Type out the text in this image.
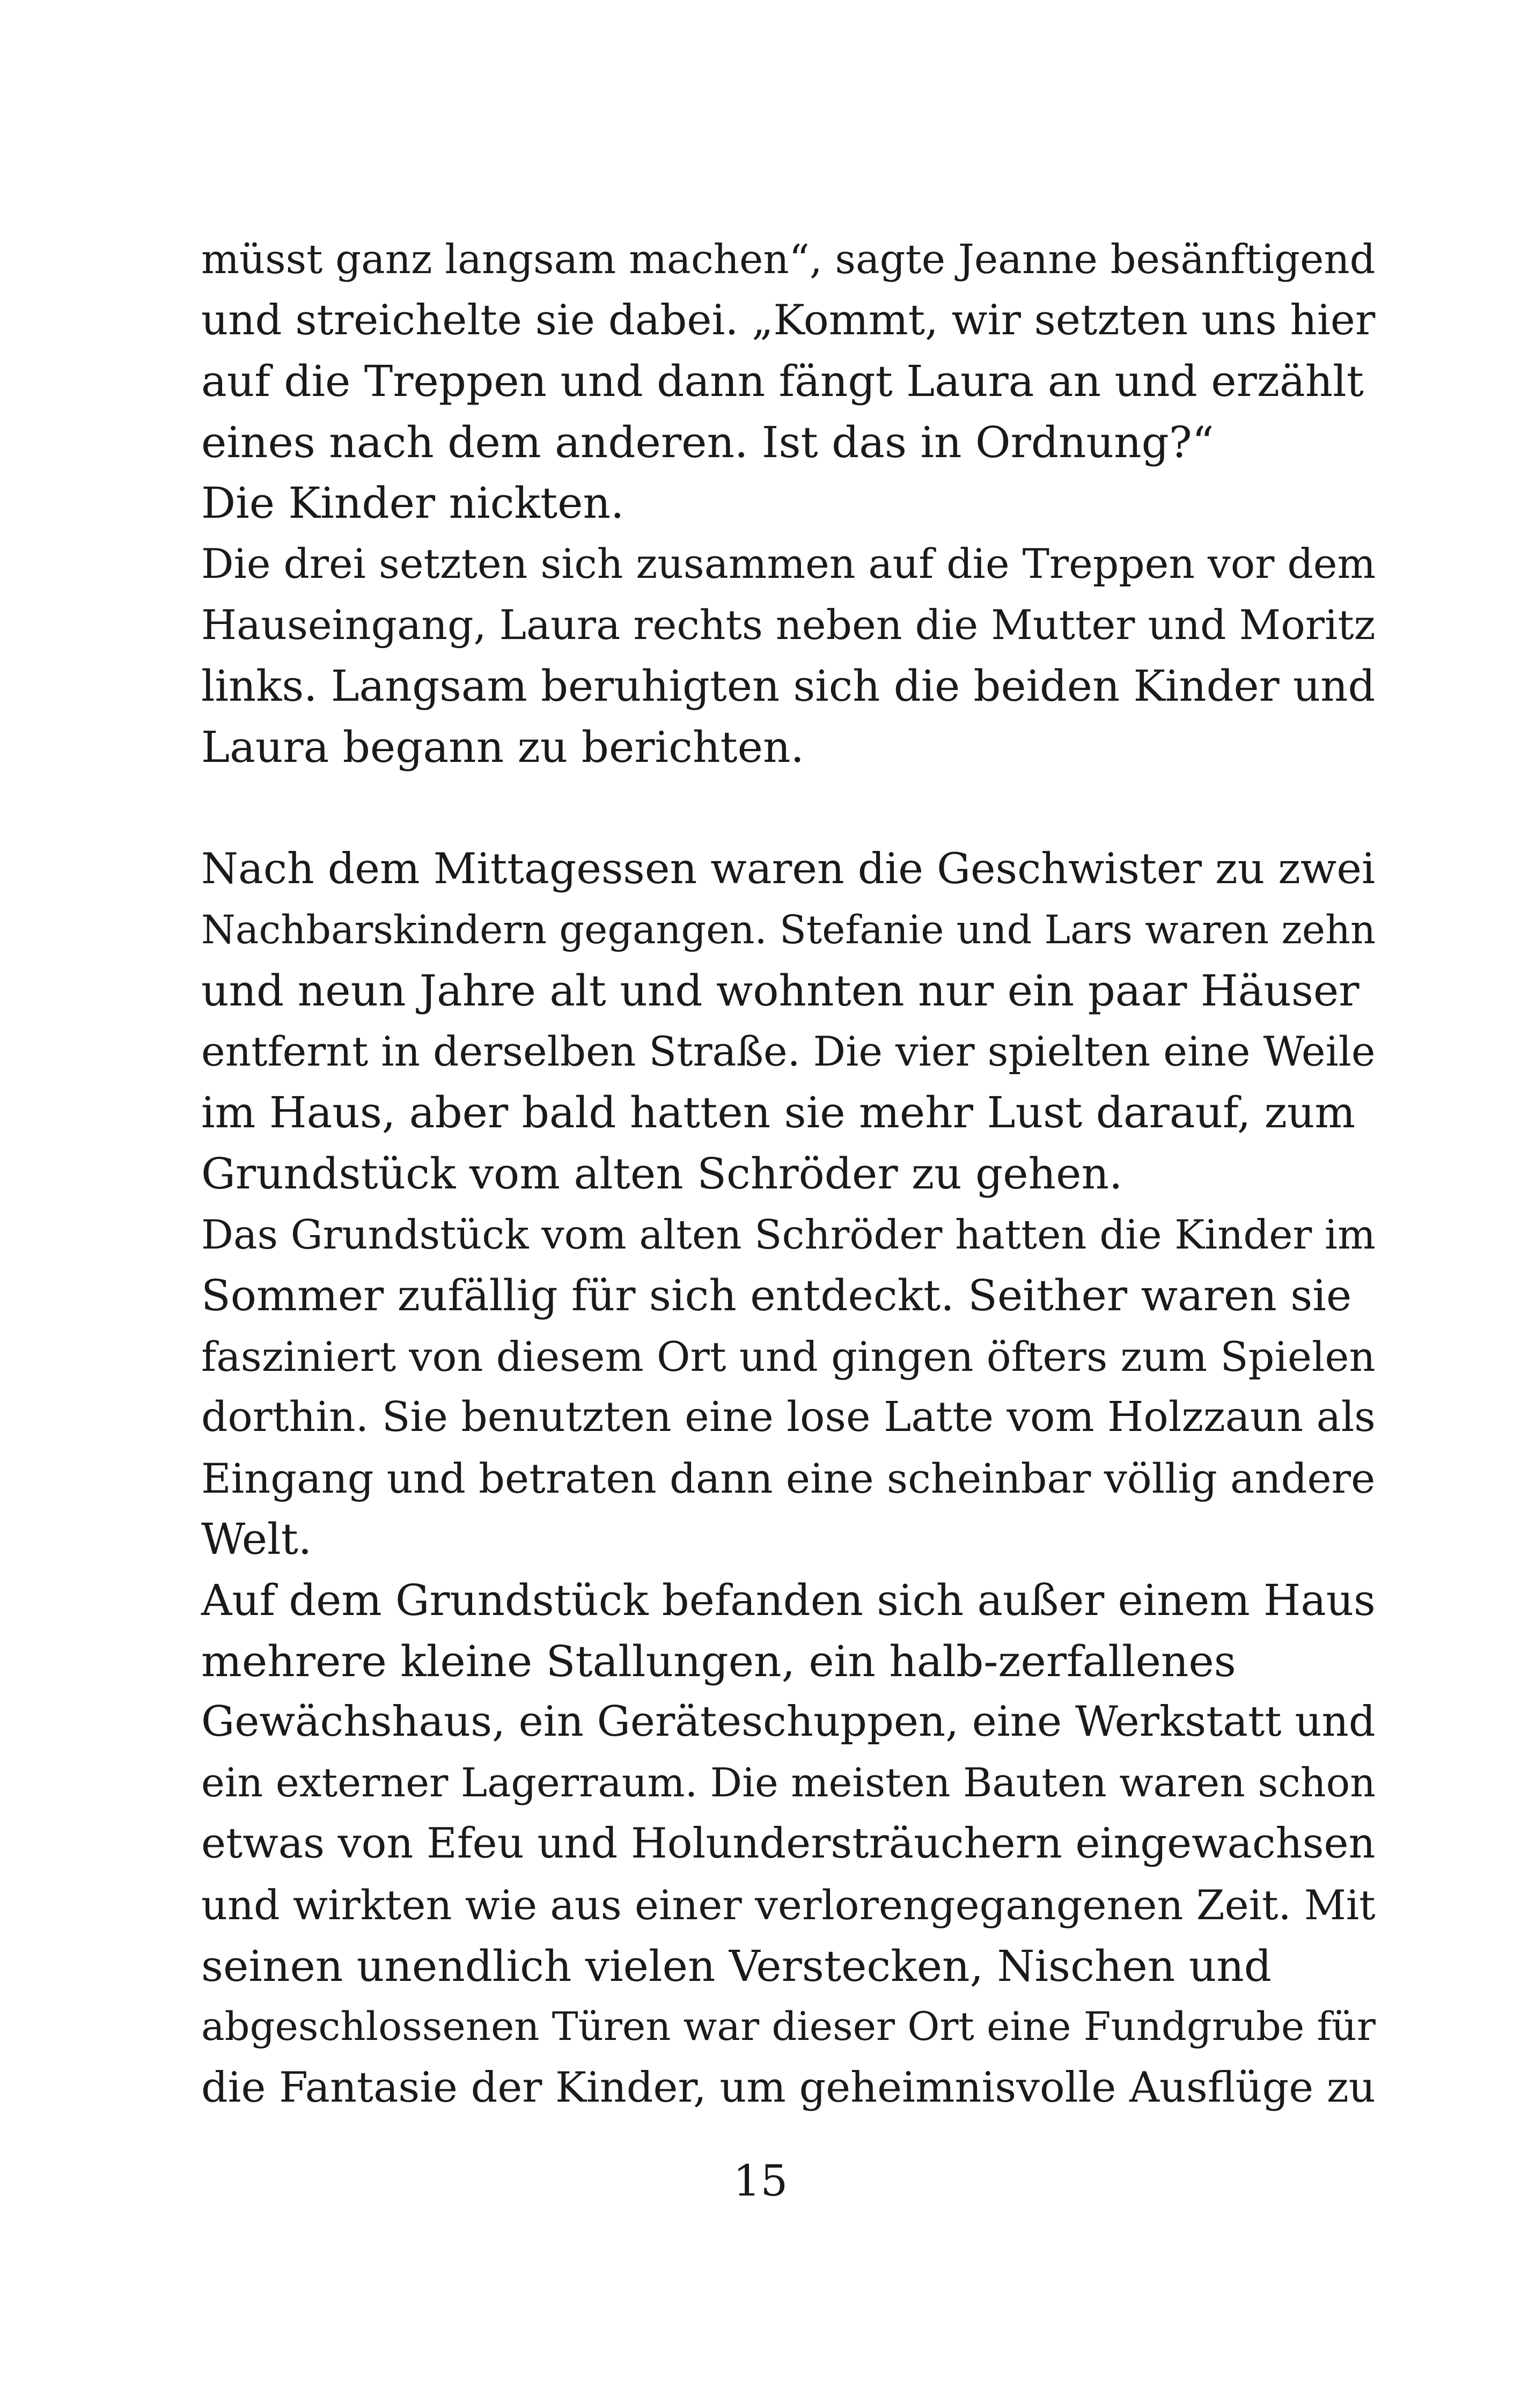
müsst ganz langsam machen“, sagte Jeanne besänftigend
und streichelte sie dabei. „Kommt, wir setzten uns hier
auf die Treppen und dann fängt Laura an und erzählt
eines nach dem anderen. Ist das in Ordnung?“
Die Kinder nickten.
Die drei setzten sich zusammen auf die Treppen vor dem
Hauseingang, Laura rechts neben die Mutter und Moritz
links. Langsam beruhigten sich die beiden Kinder und
Laura begann zu berichten.
Nach dem Mittagessen waren die Geschwister zu zwei
Nachbarskindern gegangen. Stefanie und Lars waren zehn
und neun Jahre alt und wohnten nur ein paar Häuser
entfernt in derselben Straße. Die vier spielten eine Weile
im Haus, aber bald hatten sie mehr Lust darauf, zum
Grundstück vom alten Schröder zu gehen.
Das Grundstück vom alten Schröder hatten die Kinder im
Sommer zufällig für sich entdeckt. Seither waren sie
fasziniert von diesem Ort und gingen öfters zum Spielen
dorthin. Sie benutzten eine lose Latte vom Holzzaun als
Eingang und betraten dann eine scheinbar völlig andere
Welt.
Auf dem Grundstück befanden sich außer einem Haus
mehrere kleine Stallungen, ein halb-zerfallenes
Gewächshaus, ein Geräteschuppen, eine Werkstatt und
ein externer Lagerraum. Die meisten Bauten waren schon
etwas von Efeu und Holundersträuchern eingewachsen
und wirkten wie aus einer verlorengegangenen Zeit. Mit
seinen unendlich vielen Verstecken, Nischen und
abgeschlossenen Türen war dieser Ort eine Fundgrube für
die Fantasie der Kinder, um geheimnisvolle Ausflüge zu
15
